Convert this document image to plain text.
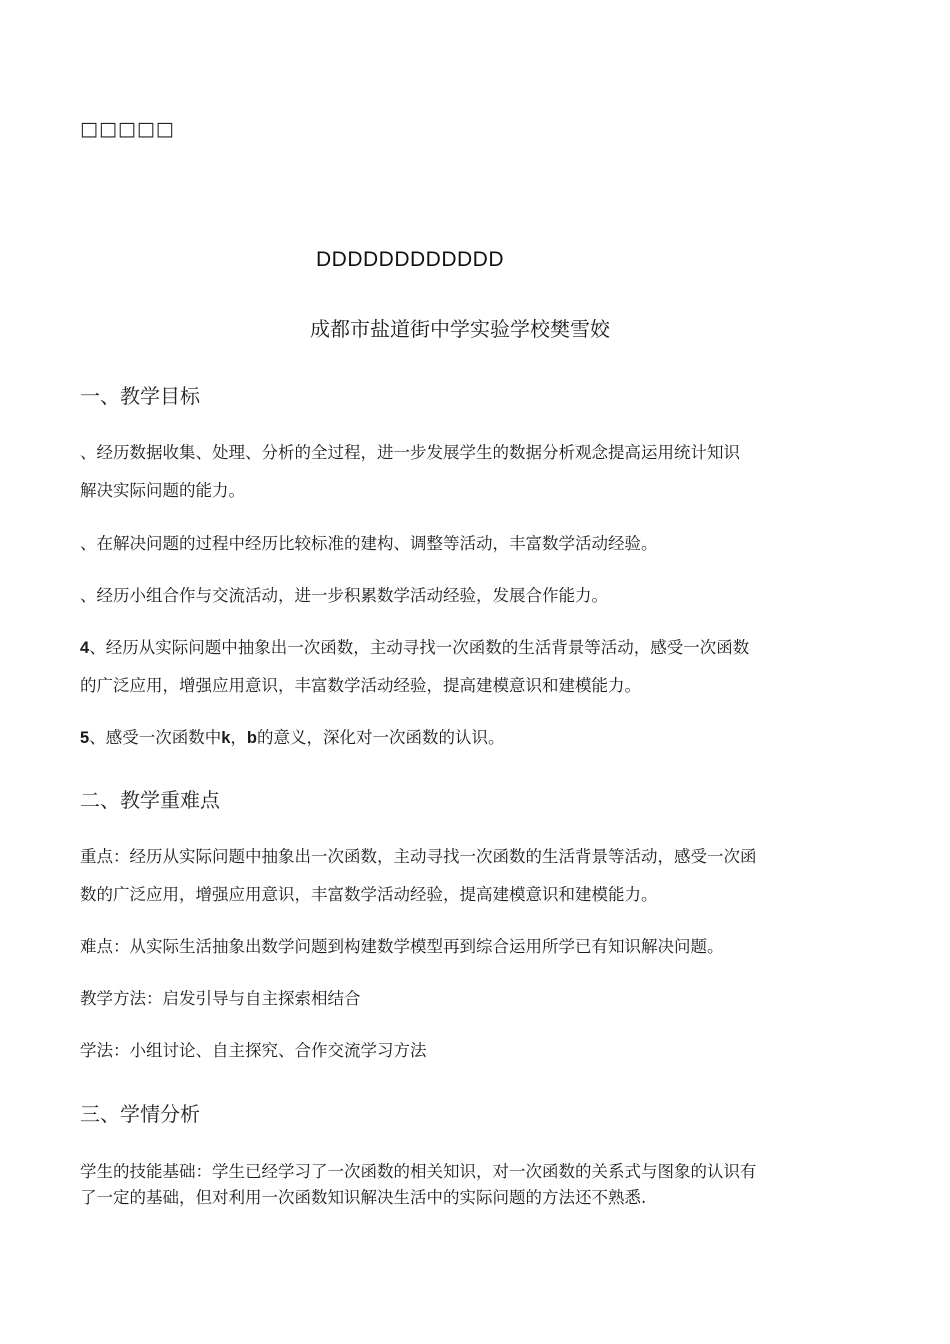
□□□□□
DDDDDDDDDDDD
成都市盐道街中学实验学校樊雪姣
一、教学目标
、经历数据收集、处理、分析的全过程，进一步发展学生的数据分析观念提高运用统计知识
解决实际问题的能力。
、在解决问题的过程中经历比较标准的建构、调整等活动，丰富数学活动经验。
、经历小组合作与交流活动，进一步积累数学活动经验，发展合作能力。
4、经历从实际问题中抽象出一次函数，主动寻找一次函数的生活背景等活动，感受一次函数
的广泛应用，增强应用意识，丰富数学活动经验，提高建模意识和建模能力。
5、感受一次函数中k，b的意义，深化对一次函数的认识。
二、教学重难点
重点：经历从实际问题中抽象出一次函数，主动寻找一次函数的生活背景等活动，感受一次函
数的广泛应用，增强应用意识，丰富数学活动经验，提高建模意识和建模能力。
难点：从实际生活抽象出数学问题到构建数学模型再到综合运用所学已有知识解决问题。
教学方法：启发引导与自主探索相结合
学法：小组讨论、自主探究、合作交流学习方法
三、学情分析
学生的技能基础：学生已经学习了一次函数的相关知识，对一次函数的关系式与图象的认识有
了一定的基础，但对利用一次函数知识解决生活中的实际问题的方法还不熟悉.
